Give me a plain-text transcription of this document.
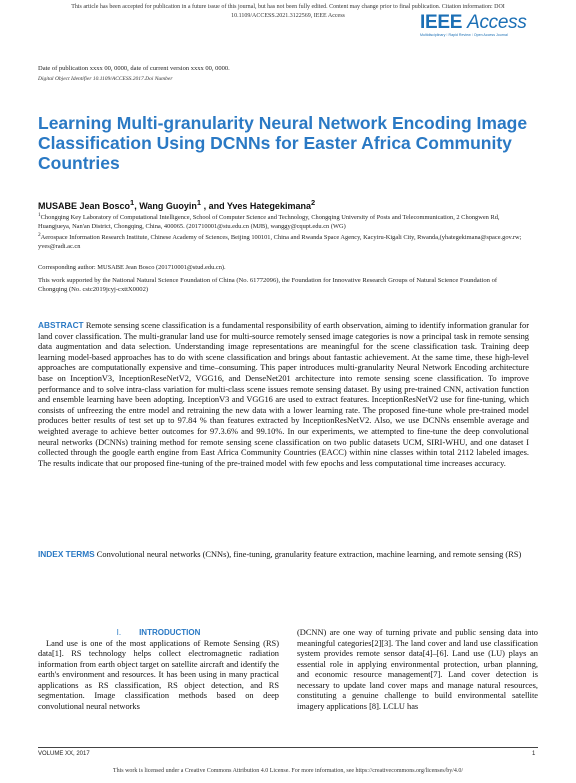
This article has been accepted for publication in a future issue of this journal, but has not been fully edited. Content may change prior to final publication. Citation information: DOI
10.1109/ACCESS.2021.3122569, IEEE Access	IEEE Access
Multidisciplinary ⁝ Rapid Review ⁝ Open Access Journal
Date of publication xxxx 00, 0000, date of current version xxxx 00, 0000.
Digital Object Identifier 10.1109/ACCESS.2017.Doi Number
Learning Multi-granularity Neural Network Encoding Image Classification Using DCNNs for Easter Africa Community Countries
MUSABE Jean Bosco$^1$, Wang Guoyin$^1$ , and Yves Hategekimana$^2$
$^1$Chongqing Key Laboratory of Computational Intelligence, School of Computer Science and Technology, Chongqing University of Posts and Telecommunication, 2 Chongwen Rd, Huangjueya, Nan'an District, Chongqing, China, 400065. (201710001@stu.edu.cn (MJB), wanggy@cqupt.edu.cn (WG)
$^2$Aerospace Information Research Institute, Chinese Academy of Sciences, Beijing 100101, China and Rwanda Space Agency, Kacyiru-Kigali City, Rwanda,(yhategekimana@space.gov.rw; yves@radi.ac.cn
Corresponding author: MUSABE Jean Bosco (201710001@stud.edu.cn).
This work supported by the National Natural Science Foundation of China (No. 61772096), the Foundation for Innovative Research Groups of Natural Science Foundation of Chongqing (No. cstc2019jcyj-cxttX0002)
ABSTRACT Remote sensing scene classification is a fundamental responsibility of earth observation, aiming to identify information granular for land cover classification. The multi-granular land use for multi-source remotely sensed image categories is now a principal task in remote sensing data augmentation and data selection. Understanding image representations are meaningful for the scene classification task. Training deep learning model-based approaches has to do with scene classification and brings about fantastic achievement. At the same time, these high-level approaches are computationally expensive and time–consuming. This paper introduces multi-granularity Neural Network Encoding architecture base on InceptionV3, InceptionReseNetV2, VGG16, and DenseNet201 architecture into remote sensing scene classification. To improve performance and to solve intra-class variation for multi-class scene issues remote sensing dataset. By using pre-trained CNN, activation function and ensemble learning have been adopting. InceptionV3 and VGG16 are used to extract features. InceptionResNetV2 use for fine-tuning, which consists of unfreezing the entre model and retraining the new data with a lower learning rate. The proposed fine-tune whole pre-trained model produces better results of test set up to 97.84 % than features extracted by InceptionResNetV2. Also, we use DCNNs ensemble average and weighted average to achieve better outcomes for 97.3.6% and 99.10%. In our experiments, we attempted to fine-tune the deep convolutional neural networks (DCNNs) training method for remote sensing scene classification on two public datasets UCM, SIRI-WHU, and one dataset I collected through the google earth engine from East Africa Community Countries (EACC) within nine classes within total 2112 labeled images. The results indicate that our proposed fine-tuning of the pre-trained model with few epochs and less computational time increases accuracy.
INDEX TERMS Convolutional neural networks (CNNs), fine-tuning, granularity feature extraction, machine learning, and remote sensing (RS)
I. INTRODUCTION
Land use is one of the most applications of Remote Sensing (RS) data[1]. RS technology helps collect electromagnetic radiation information from earth object target on satellite aircraft and identify the earth's environment and resources. It has been using in many practical applications as RS classification, RS object detection, and RS segmentation. Image classification methods based on deep convolutional neural networks
(DCNN) are one way of turning private and public sensing data into meaningful categories[2][3]. The land cover and land use classification system provides remote sensor data[4]–[6]. Land use (LU) plays an essential role in applying environmental protection, urban planning, and economic resource management[7]. Land cover detection is necessary to update land cover maps and manage natural resources, constituting a genuine challenge to build environmental satellite imagery applications [8]. LCLU has
VOLUME XX, 2017	1
This work is licensed under a Creative Commons Attribution 4.0 License. For more information, see https://creativecommons.org/licenses/by/4.0/
